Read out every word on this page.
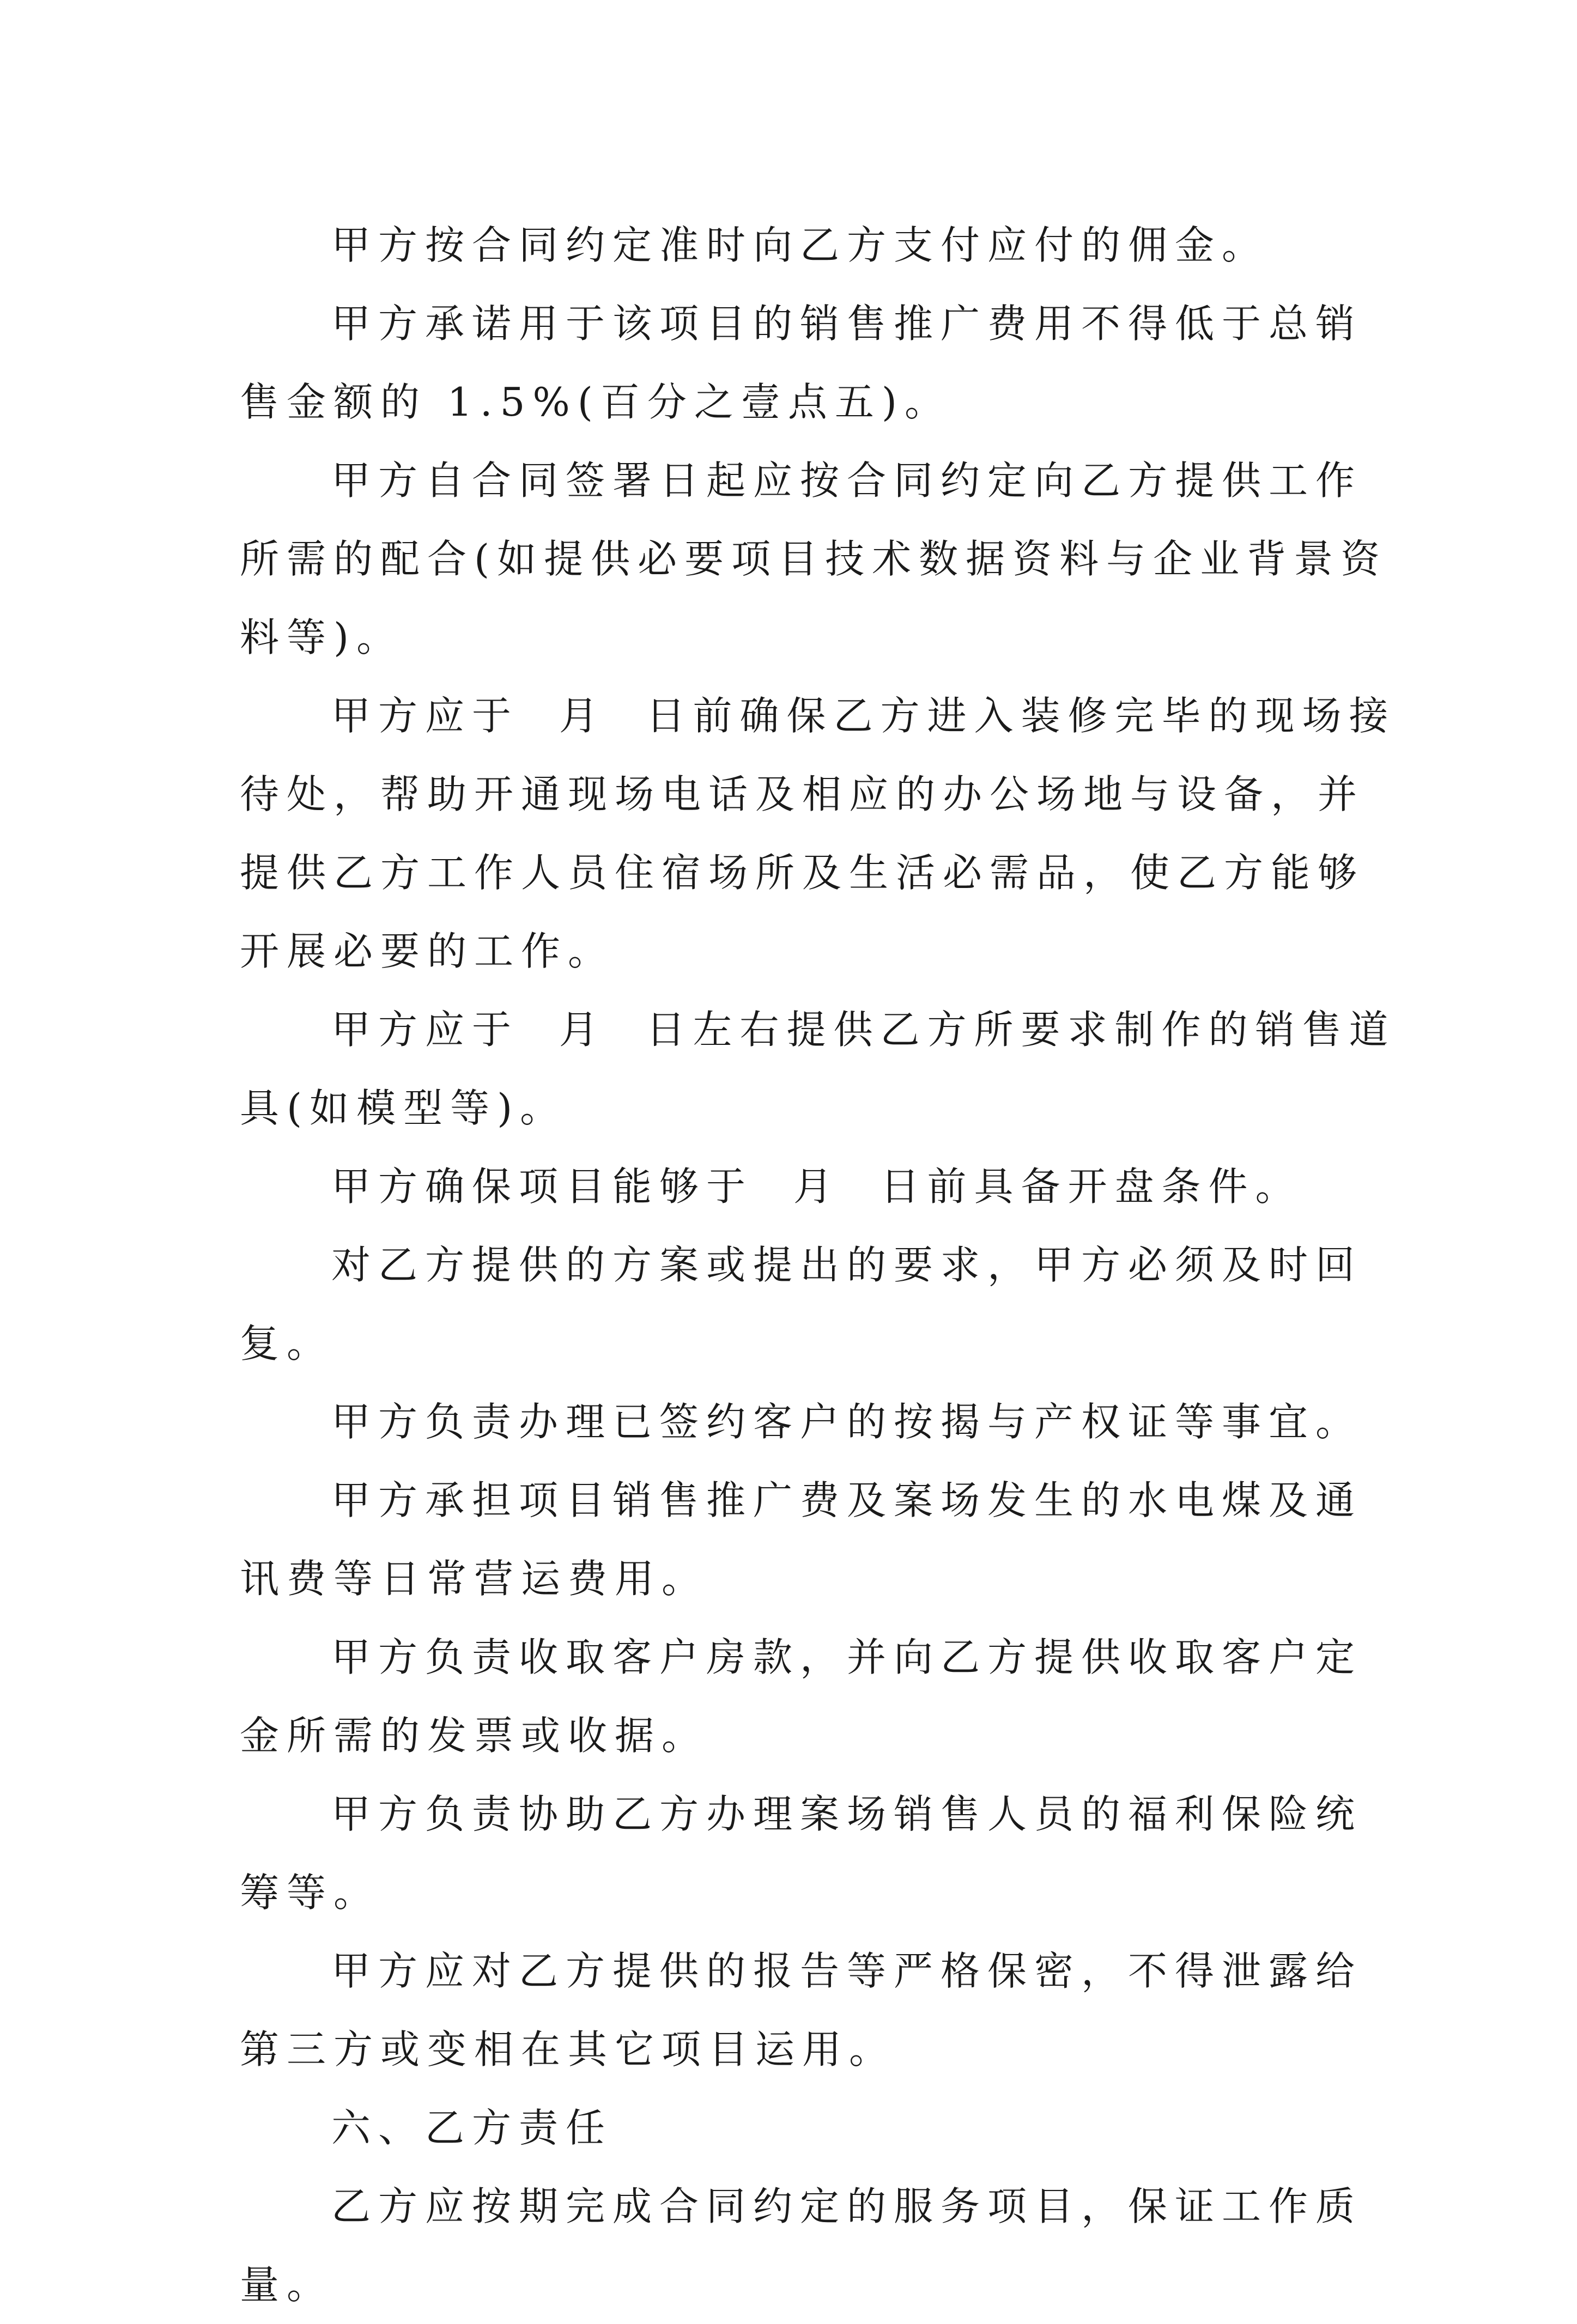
甲方按合同约定准时向乙方支付应付的佣金。

甲方承诺用于该项目的销售推广费用不得低于总销售金额的 1.5%(百分之壹点五)。

甲方自合同签署日起应按合同约定向乙方提供工作所需的配合(如提供必要项目技术数据资料与企业背景资料等)。

甲方应于  月  日前确保乙方进入装修完毕的现场接待处，帮助开通现场电话及相应的办公场地与设备，并提供乙方工作人员住宿场所及生活必需品，使乙方能够开展必要的工作。

甲方应于  月  日左右提供乙方所要求制作的销售道具(如模型等)。

甲方确保项目能够于  月  日前具备开盘条件。

对乙方提供的方案或提出的要求，甲方必须及时回复。

甲方负责办理已签约客户的按揭与产权证等事宜。

甲方承担项目销售推广费及案场发生的水电煤及通讯费等日常营运费用。

甲方负责收取客户房款，并向乙方提供收取客户定金所需的发票或收据。

甲方负责协助乙方办理案场销售人员的福利保险统筹等。

甲方应对乙方提供的报告等严格保密，不得泄露给第三方或变相在其它项目运用。

六、乙方责任

乙方应按期完成合同约定的服务项目，保证工作质量。
